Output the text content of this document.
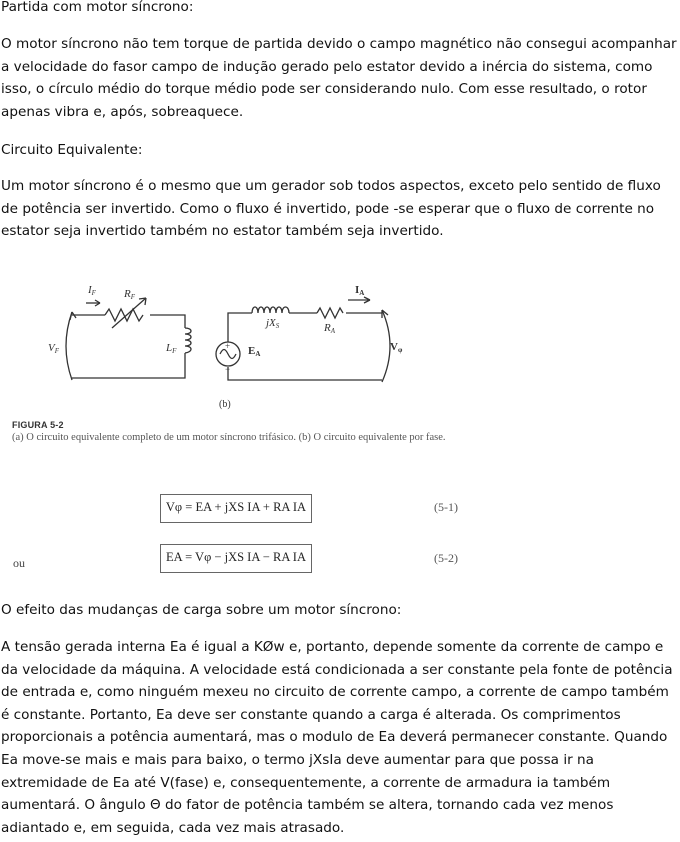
Partida com motor síncrono:

O motor síncrono não tem torque de partida devido o campo magnético não consegui acompanhar a velocidade do fasor campo de indução gerado pelo estator devido a inércia do sistema, como isso, o círculo médio do torque médio pode ser considerando nulo. Com esse resultado, o rotor apenas vibra e, após, sobreaquece.

Circuito Equivalente:

Um motor síncrono é o mesmo que um gerador sob todos aspectos, exceto pelo sentido de fluxo de potência ser invertido. Como o fluxo é invertido, pode -se esperar que o fluxo de corrente no estator seja invertido também no estator também seja invertido.

IF	RF
VF	LF
jXS	RA
IA
EA
Vφ
+
−
(b)
FIGURA 5-2
(a) O circuito equivalente completo de um motor síncrono trifásico. (b) O circuito equivalente por fase.
Vφ = EA + jXS IA + RA IA	(5-1)
ou	EA = Vφ − jXS IA − RA IA	(5-2)

O efeito das mudanças de carga sobre um motor síncrono:

A tensão gerada interna Ea é igual a KØw e, portanto, depende somente da corrente de campo e da velocidade da máquina. A velocidade está condicionada a ser constante pela fonte de potência de entrada e, como ninguém mexeu no circuito de corrente campo, a corrente de campo também é constante. Portanto, Ea deve ser constante quando a carga é alterada. Os comprimentos proporcionais a potência aumentará, mas o modulo de Ea deverá permanecer constante. Quando Ea move-se mais e mais para baixo, o termo jXsIa deve aumentar para que possa ir na extremidade de Ea até V(fase) e, consequentemente, a corrente de armadura ia também aumentará. O ângulo Θ do fator de potência também se altera, tornando cada vez menos adiantado e, em seguida, cada vez mais atrasado.
